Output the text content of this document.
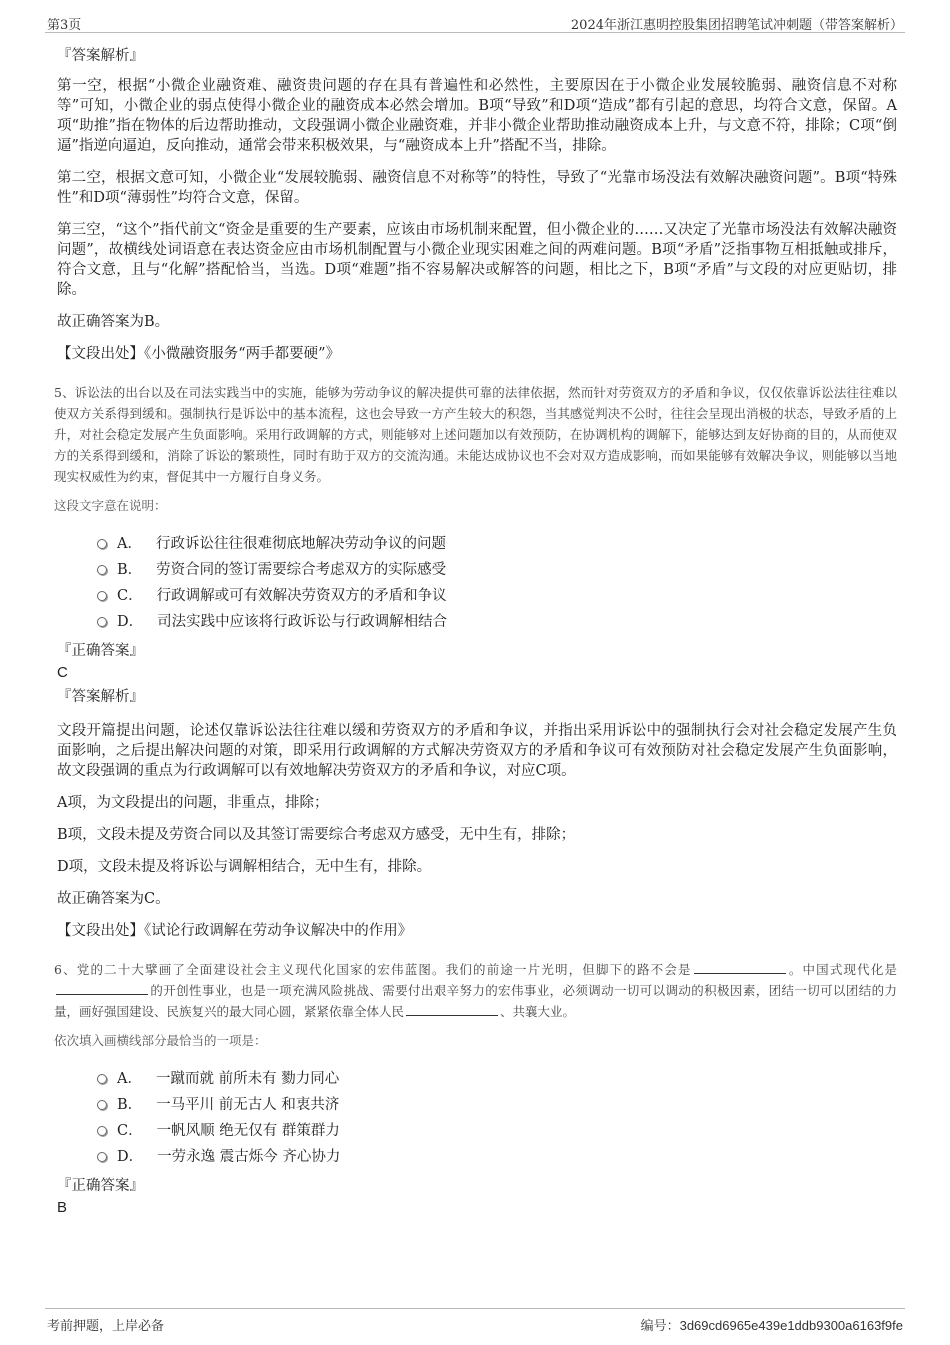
第3页	2024年浙江惠明控股集团招聘笔试冲刺题（带答案解析）
『答案解析』

第一空，根据“小微企业融资难、融资贵问题的存在具有普遍性和必然性，主要原因在于小微企业发展较脆弱、融资信息不对称等”可知，小微企业的弱点使得小微企业的融资成本必然会增加。B项“导致”和D项“造成”都有引起的意思，均符合文意，保留。A项“助推”指在物体的后边帮助推动，文段强调小微企业融资难，并非小微企业帮助推动融资成本上升，与文意不符，排除；C项“倒逼”指逆向逼迫，反向推动，通常会带来积极效果，与“融资成本上升”搭配不当，排除。

第二空，根据文意可知，小微企业“发展较脆弱、融资信息不对称等”的特性，导致了“光靠市场没法有效解决融资问题”。B项“特殊性”和D项“薄弱性”均符合文意，保留。

第三空，“这个”指代前文“资金是重要的生产要素，应该由市场机制来配置，但小微企业的……又决定了光靠市场没法有效解决融资问题”，故横线处词语意在表达资金应由市场机制配置与小微企业现实困难之间的两难问题。B项“矛盾”泛指事物互相抵触或排斥，符合文意，且与“化解”搭配恰当，当选。D项“难题”指不容易解决或解答的问题，相比之下，B项“矛盾”与文段的对应更贴切，排除。

故正确答案为B。

【文段出处】《小微融资服务“两手都要硬”》

5、诉讼法的出台以及在司法实践当中的实施，能够为劳动争议的解决提供可靠的法律依据，然而针对劳资双方的矛盾和争议，仅仅依靠诉讼法往往难以使双方关系得到缓和。强制执行是诉讼中的基本流程，这也会导致一方产生较大的积怨，当其感觉判决不公时，往往会呈现出消极的状态，导致矛盾的上升，对社会稳定发展产生负面影响。采用行政调解的方式，则能够对上述问题加以有效预防，在协调机构的调解下，能够达到友好协商的目的，从而使双方的关系得到缓和，消除了诉讼的繁琐性，同时有助于双方的交流沟通。未能达成协议也不会对双方造成影响，而如果能够有效解决争议，则能够以当地现实权威性为约束，督促其中一方履行自身义务。

这段文字意在说明：

A． 行政诉讼往往很难彻底地解决劳动争议的问题
B． 劳资合同的签订需要综合考虑双方的实际感受
C． 行政调解或可有效解决劳资双方的矛盾和争议
D． 司法实践中应该将行政诉讼与行政调解相结合
『正确答案』
C
『答案解析』

文段开篇提出问题，论述仅靠诉讼法往往难以缓和劳资双方的矛盾和争议，并指出采用诉讼中的强制执行会对社会稳定发展产生负面影响，之后提出解决问题的对策，即采用行政调解的方式解决劳资双方的矛盾和争议可有效预防对社会稳定发展产生负面影响，故文段强调的重点为行政调解可以有效地解决劳资双方的矛盾和争议，对应C项。

A项，为文段提出的问题，非重点，排除；

B项，文段未提及劳资合同以及其签订需要综合考虑双方感受，无中生有，排除；

D项，文段未提及将诉讼与调解相结合，无中生有，排除。

故正确答案为C。

【文段出处】《试论行政调解在劳动争议解决中的作用》

6、党的二十大擘画了全面建设社会主义现代化国家的宏伟蓝图。我们的前途一片光明，但脚下的路不会是	。中国式现代化是的开创性事业，也是一项充满风险挑战、需要付出艰辛努力的宏伟事业，必须调动一切可以调动的积极因素，团结一切可以团结的力量，画好强国建设、民族复兴的最大同心圆，紧紧依靠全体人民	、共襄大业。

依次填入画横线部分最恰当的一项是：

A． 一蹴而就 前所未有 勠力同心
B． 一马平川 前无古人 和衷共济
C． 一帆风顺 绝无仅有 群策群力
D． 一劳永逸 震古烁今 齐心协力
『正确答案』
B
考前押题，上岸必备	编号：3d69cd6965e439e1ddb9300a6163f9fe
